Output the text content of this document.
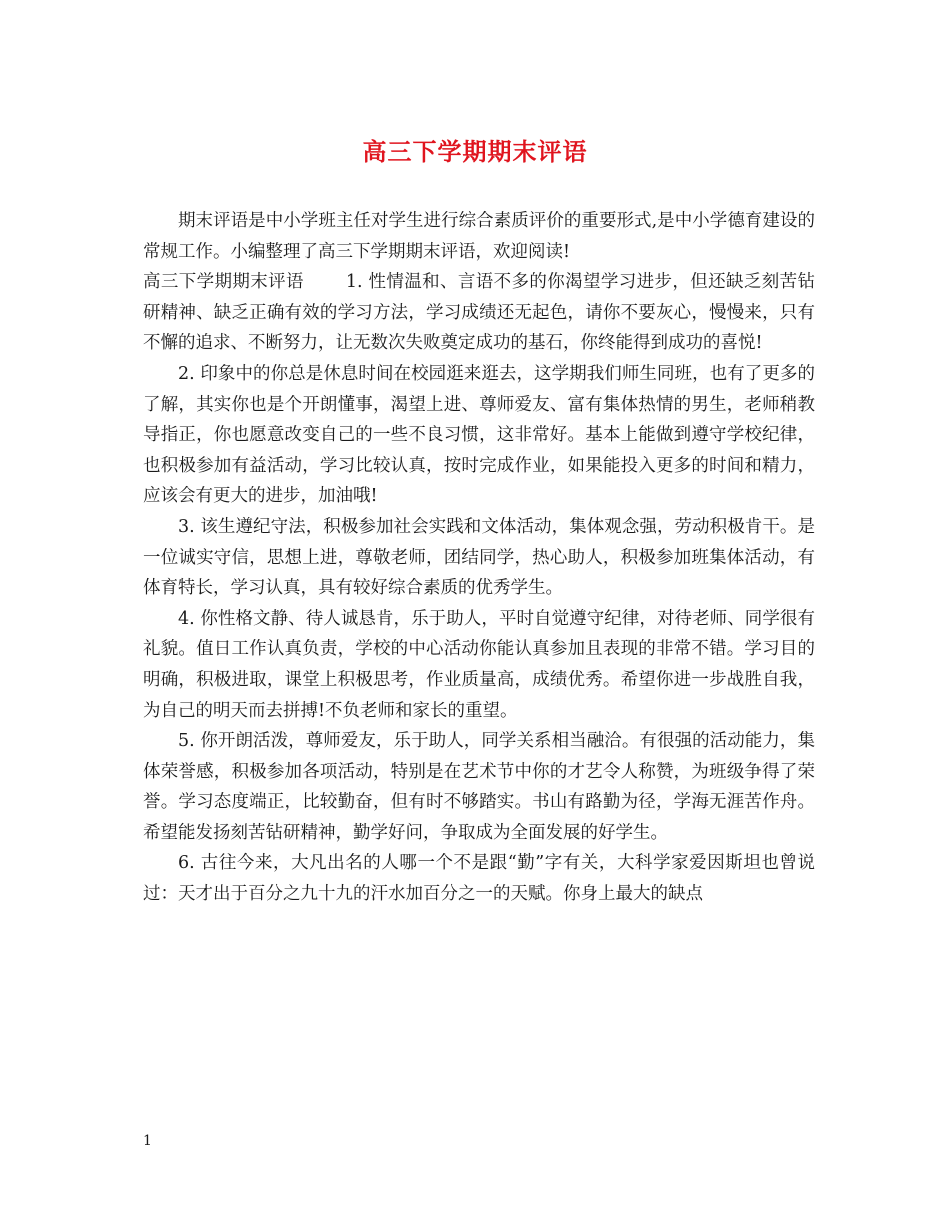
高三下学期期末评语

期末评语是中小学班主任对学生进行综合素质评价的重要形式,是中小学德育建设的常规工作。小编整理了高三下学期期末评语，欢迎阅读!

高三下学期期末评语 1. 性情温和、言语不多的你渴望学习进步，但还缺乏刻苦钻研精神、缺乏正确有效的学习方法，学习成绩还无起色，请你不要灰心，慢慢来，只有不懈的追求、不断努力，让无数次失败奠定成功的基石，你终能得到成功的喜悦!

2. 印象中的你总是休息时间在校园逛来逛去，这学期我们师生同班，也有了更多的了解，其实你也是个开朗懂事，渴望上进、尊师爱友、富有集体热情的男生，老师稍教导指正，你也愿意改变自己的一些不良习惯，这非常好。基本上能做到遵守学校纪律，也积极参加有益活动，学习比较认真，按时完成作业，如果能投入更多的时间和精力，应该会有更大的进步，加油哦!

3. 该生遵纪守法，积极参加社会实践和文体活动，集体观念强，劳动积极肯干。是一位诚实守信，思想上进，尊敬老师，团结同学，热心助人，积极参加班集体活动，有体育特长，学习认真，具有较好综合素质的优秀学生。

4. 你性格文静、待人诚恳肯，乐于助人，平时自觉遵守纪律，对待老师、同学很有礼貌。值日工作认真负责，学校的中心活动你能认真参加且表现的非常不错。学习目的明确，积极进取，课堂上积极思考，作业质量高，成绩优秀。希望你进一步战胜自我，为自己的明天而去拼搏!不负老师和家长的重望。

5. 你开朗活泼，尊师爱友，乐于助人，同学关系相当融洽。有很强的活动能力，集体荣誉感，积极参加各项活动，特别是在艺术节中你的才艺令人称赞，为班级争得了荣誉。学习态度端正，比较勤奋，但有时不够踏实。书山有路勤为径，学海无涯苦作舟。希望能发扬刻苦钻研精神，勤学好问，争取成为全面发展的好学生。

6. 古往今来，大凡出名的人哪一个不是跟“勤”字有关，大科学家爱因斯坦也曾说过：天才出于百分之九十九的汗水加百分之一的天赋。你身上最大的缺点

1
